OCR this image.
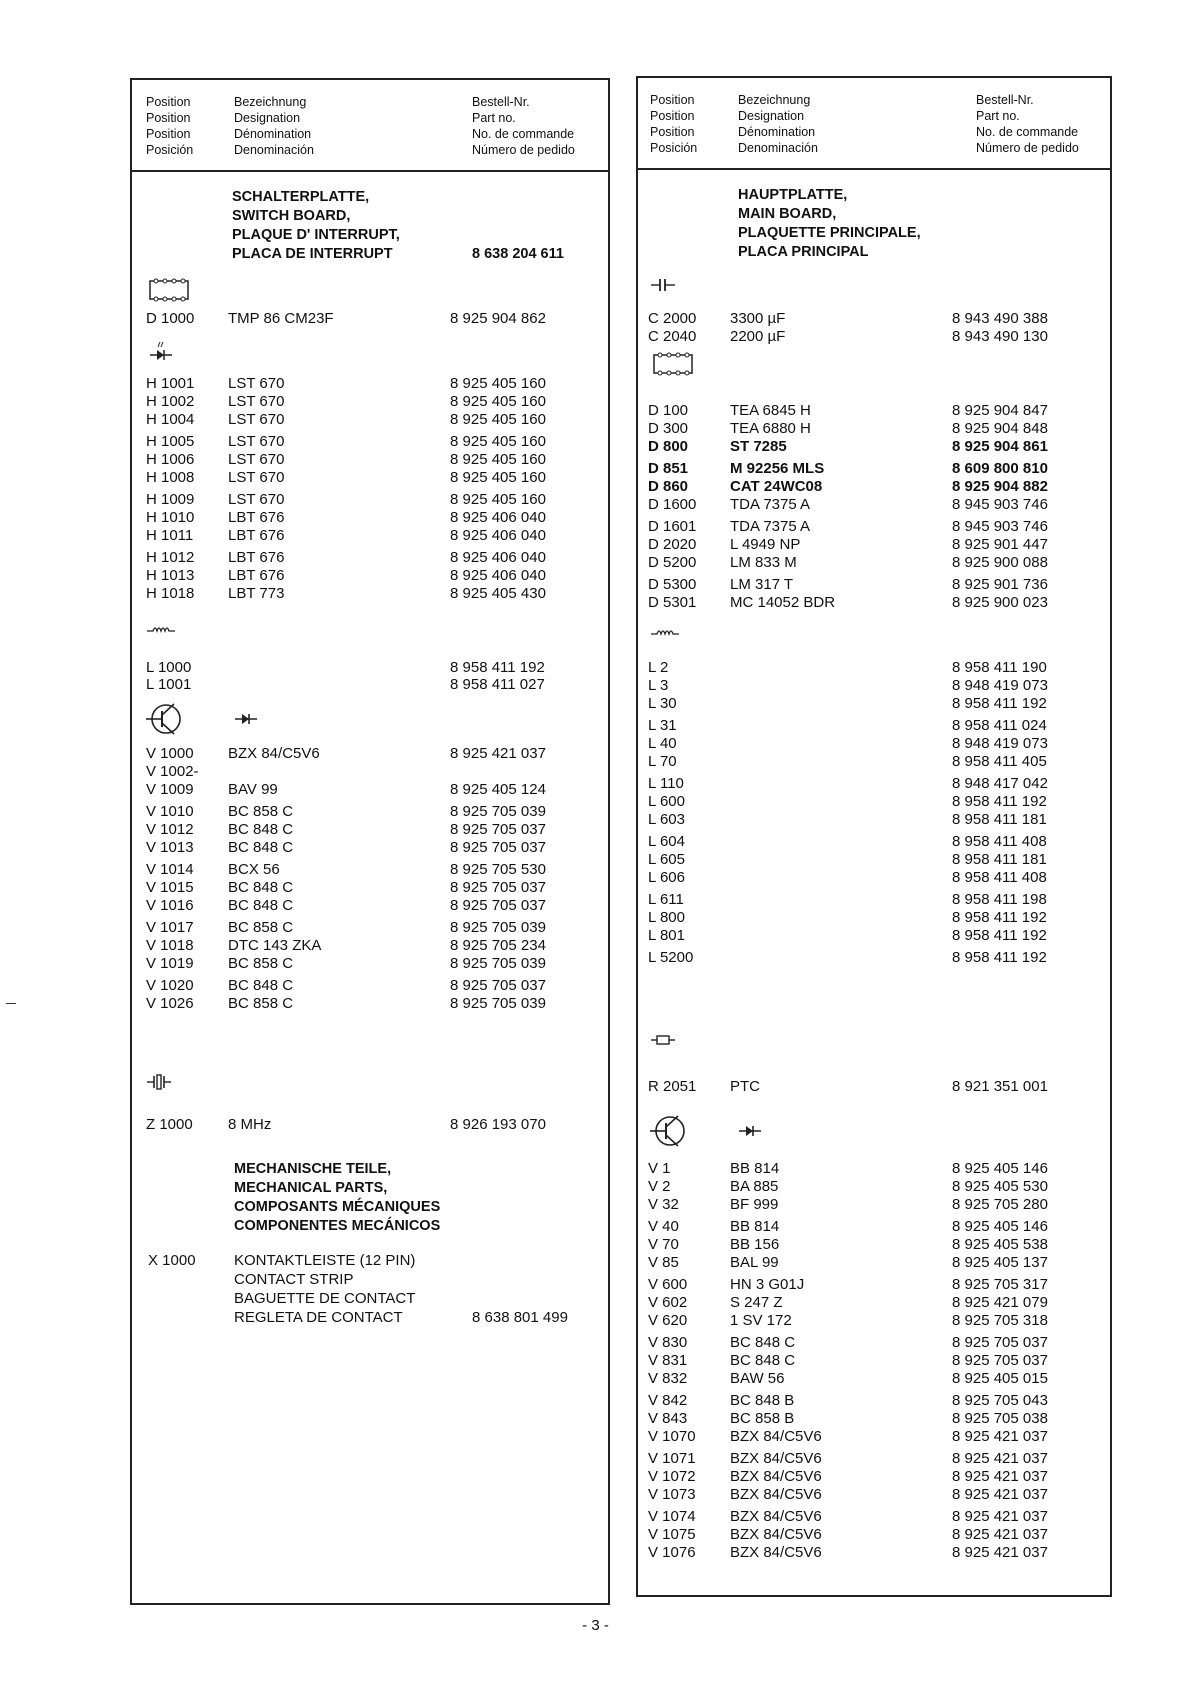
Position
Position
Position
Posición
Bezeichnung
Designation
Dénomination
Denominación
Bestell-Nr.
Part no.
No. de commande
Número de pedido
SCHALTERPLATTE,
SWITCH BOARD,
PLAQUE D' INTERRUPT,
PLACA DE INTERRUPT	8 638 204 611
D 1000 TMP 86 CM23F	8 925 904 862
H 1001 LST 670	8 925 405 160
H 1002 LST 670	8 925 405 160
H 1004 LST 670	8 925 405 160
H 1005 LST 670	8 925 405 160
H 1006 LST 670	8 925 405 160
H 1008 LST 670	8 925 405 160
H 1009 LST 670	8 925 405 160
H 1010 LBT 676	8 925 406 040
H 1011 LBT 676	8 925 406 040
H 1012 LBT 676	8 925 406 040
H 1013 LBT 676	8 925 406 040
H 1018 LBT 773	8 925 405 430
L 1000	8 958 411 192
L 1001	8 958 411 027
V 1000 BZX 84/C5V6	8 925 421 037
V 1002-
V 1009 BAV 99	8 925 405 124
V 1010 BC 858 C	8 925 705 039
V 1012 BC 848 C	8 925 705 037
V 1013 BC 848 C	8 925 705 037
V 1014 BCX 56	8 925 705 530
V 1015 BC 848 C	8 925 705 037
V 1016 BC 848 C	8 925 705 037
V 1017 BC 858 C	8 925 705 039
V 1018 DTC 143 ZKA	8 925 705 234
V 1019 BC 858 C	8 925 705 039
V 1020 BC 848 C	8 925 705 037
V 1026 BC 858 C	8 925 705 039
Z 1000 8 MHz	8 926 193 070
MECHANISCHE TEILE,
MECHANICAL PARTS,
COMPOSANTS MÉCANIQUES
COMPONENTES MECÁNICOS
X 1000	KONTAKTLEISTE (12 PIN)
CONTACT STRIP
BAGUETTE DE CONTACT
REGLETA DE CONTACT	8 638 801 499
Position
Position
Position
Posición
Bezeichnung
Designation
Dénomination
Denominación
Bestell-Nr.
Part no.
No. de commande
Número de pedido
HAUPTPLATTE,
MAIN BOARD,
PLAQUETTE PRINCIPALE,
PLACA PRINCIPAL
C 2000 3300 µF	8 943 490 388
C 2040 2200 µF	8 943 490 130
D 100	TEA 6845 H	8 925 904 847
D 300	TEA 6880 H	8 925 904 848
D 800	ST 7285	8 925 904 861
D 851	M 92256 MLS	8 609 800 810
D 860	CAT 24WC08	8 925 904 882
D 1600 TDA 7375 A	8 945 903 746
D 1601 TDA 7375 A	8 945 903 746
D 2020 L 4949 NP	8 925 901 447
D 5200 LM 833 M	8 925 900 088
D 5300 LM 317 T	8 925 901 736
D 5301 MC 14052 BDR	8 925 900 023
L 2	8 958 411 190
L 3	8 948 419 073
L 30	8 958 411 192
L 31	8 958 411 024
L 40	8 948 419 073
L 70	8 958 411 405
L 110	8 948 417 042
L 600	8 958 411 192
L 603	8 958 411 181
L 604	8 958 411 408
L 605	8 958 411 181
L 606	8 958 411 408
L 611	8 958 411 198
L 800	8 958 411 192
L 801	8 958 411 192
L 5200	8 958 411 192
R 2051 PTC	8 921 351 001
V 1	BB 814	8 925 405 146
V 2	BA 885	8 925 405 530
V 32	BF 999	8 925 705 280
V 40	BB 814	8 925 405 146
V 70	BB 156	8 925 405 538
V 85	BAL 99	8 925 405 137
V 600	HN 3 G01J	8 925 705 317
V 602	S 247 Z	8 925 421 079
V 620	1 SV 172	8 925 705 318
V 830	BC 848 C	8 925 705 037
V 831	BC 848 C	8 925 705 037
V 832	BAW 56	8 925 405 015
V 842	BC 848 B	8 925 705 043
V 843	BC 858 B	8 925 705 038
V 1070 BZX 84/C5V6	8 925 421 037
V 1071 BZX 84/C5V6	8 925 421 037
V 1072 BZX 84/C5V6	8 925 421 037
V 1073 BZX 84/C5V6	8 925 421 037
V 1074 BZX 84/C5V6	8 925 421 037
V 1075 BZX 84/C5V6	8 925 421 037
V 1076 BZX 84/C5V6	8 925 421 037
- 3 -
